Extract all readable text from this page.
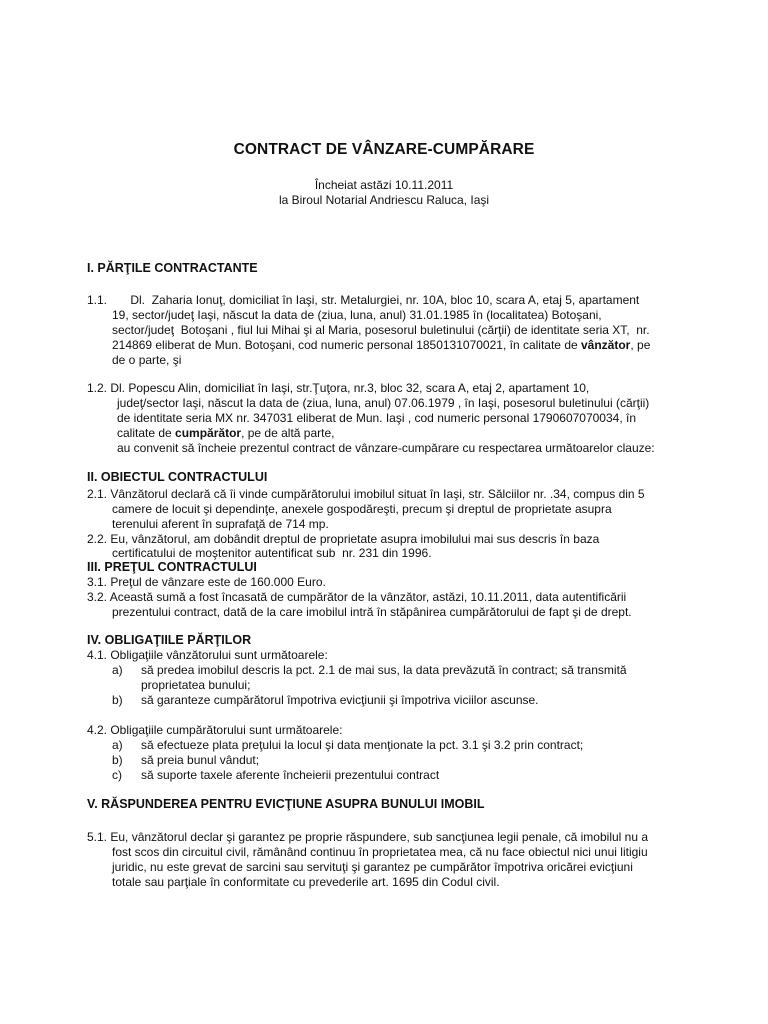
CONTRACT DE VÂNZARE-CUMPĂRARE
Încheiat astăzi 10.11.2011
la Biroul Notarial Andriescu Raluca, Iaşi
I. PĂRŢILE CONTRACTANTE
1.1.       Dl.  Zaharia Ionuţ, domiciliat în Iaşi, str. Metalurgiei, nr. 10A, bloc 10, scara A, etaj 5, apartament
19, sector/judeţ Iaşi, născut la data de (ziua, luna, anul) 31.01.1985 în (localitatea) Botoşani,
sector/judeţ  Botoşani , fiul lui Mihai şi al Maria, posesorul buletinului (cărţii) de identitate seria XT,  nr.
214869 eliberat de Mun. Botoşani, cod numeric personal 1850131070021, în calitate de vânzător, pe
de o parte, şi
1.2. Dl. Popescu Alin, domiciliat în Iaşi, str.Ţuţora, nr.3, bloc 32, scara A, etaj 2, apartament 10,
judeţ/sector Iaşi, născut la data de (ziua, luna, anul) 07.06.1979 , în Iaşi, posesorul buletinului (cărţii)
de identitate seria MX nr. 347031 eliberat de Mun. Iaşi , cod numeric personal 1790607070034, în
calitate de cumpărător, pe de altă parte,
au convenit să încheie prezentul contract de vânzare-cumpărare cu respectarea următoarelor clauze:
II. OBIECTUL CONTRACTULUI
2.1. Vânzătorul declară că îi vinde cumpărătorului imobilul situat în Iaşi, str. Sălciilor nr. .34, compus din 5
camere de locuit şi dependinţe, anexele gospodăreşti, precum şi dreptul de proprietate asupra
terenului aferent în suprafaţă de 714 mp.
2.2. Eu, vânzătorul, am dobândit dreptul de proprietate asupra imobilului mai sus descris în baza
certificatului de moştenitor autentificat sub  nr. 231 din 1996.
III. PREŢUL CONTRACTULUI
3.1. Preţul de vânzare este de 160.000 Euro.
3.2. Această sumă a fost încasată de cumpărător de la vânzător, astăzi, 10.11.2011, data autentificării
prezentului contract, dată de la care imobilul intră în stăpânirea cumpărătorului de fapt şi de drept.
IV. OBLIGAŢIILE PĂRŢILOR
4.1. Obligaţiile vânzătorului sunt următoarele:
a) să predea imobilul descris la pct. 2.1 de mai sus, la data prevăzută în contract; să transmită
proprietatea bunului;
b) să garanteze cumpărătorul împotriva evicţiunii şi împotriva viciilor ascunse.
4.2. Obligaţiile cumpărătorului sunt următoarele:
a) să efectueze plata preţului la locul şi data menţionate la pct. 3.1 şi 3.2 prin contract;
b) să preia bunul vândut;
c) să suporte taxele aferente încheierii prezentului contract
V. RĂSPUNDEREA PENTRU EVICŢIUNE ASUPRA BUNULUI IMOBIL
5.1. Eu, vânzătorul declar şi garantez pe proprie răspundere, sub sancţiunea legii penale, că imobilul nu a
fost scos din circuitul civil, rămânând continuu în proprietatea mea, că nu face obiectul nici unui litigiu
juridic, nu este grevat de sarcini sau servituţi şi garantez pe cumpărător împotriva oricărei evicţiuni
totale sau parţiale în conformitate cu prevederile art. 1695 din Codul civil.
